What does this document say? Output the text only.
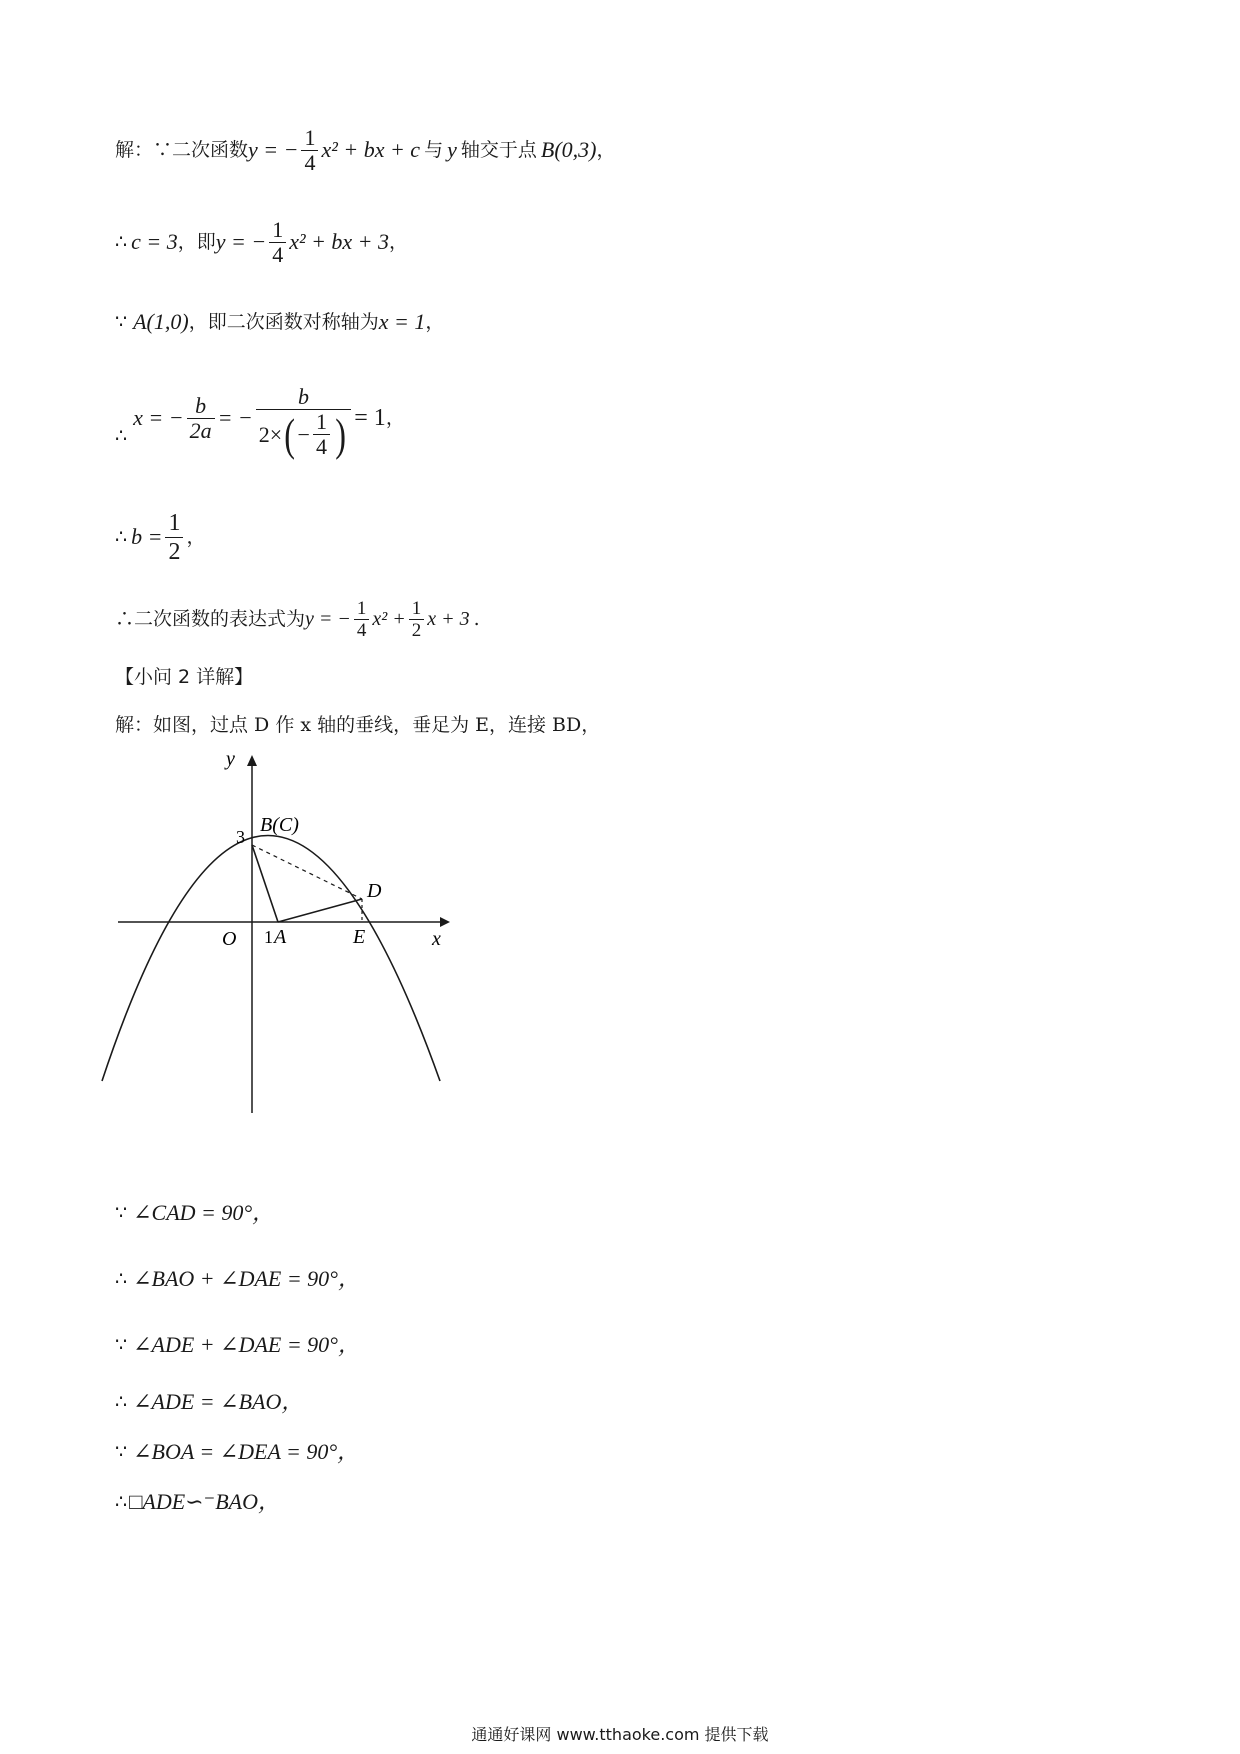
解：∵二次函数 y = − $\frac{1}{4} x^2$ + bx + c 与 y 轴交于点 B(0,3) ，
∴ c = 3 ，即 y = − $\frac{1}{4} x^2$ + bx + 3 ，
∵ A(1,0) ，即二次函数对称轴为 x = 1 ，
∴
x = − $\frac{b}{2a}$ = − $\frac{b}{2\times ( - \frac{1}{4} )} = 1$ ，
∴ $b = \frac{1}{2}$ ，
∴二次函数的表达式为 y = − $\frac{1}{4} x^2 + \frac{1}{2}$ x + 3 .
【小问 2 详解】
解：如图，过点 D 作 x 轴的垂线，垂足为 E，连接 BD，
y
x
O
3
B(C)
D
1 A	E
∵ ∠CAD = 90°，
∴ ∠BAO + ∠DAE = 90°，
∵ ∠ADE + ∠DAE = 90°，
∴ ∠ADE = ∠BAO，
∵ ∠BOA = ∠DEA = 90°，
∴ □ADE∽⁻BAO，
通通好课网 www.tthaoke.com 提供下载
